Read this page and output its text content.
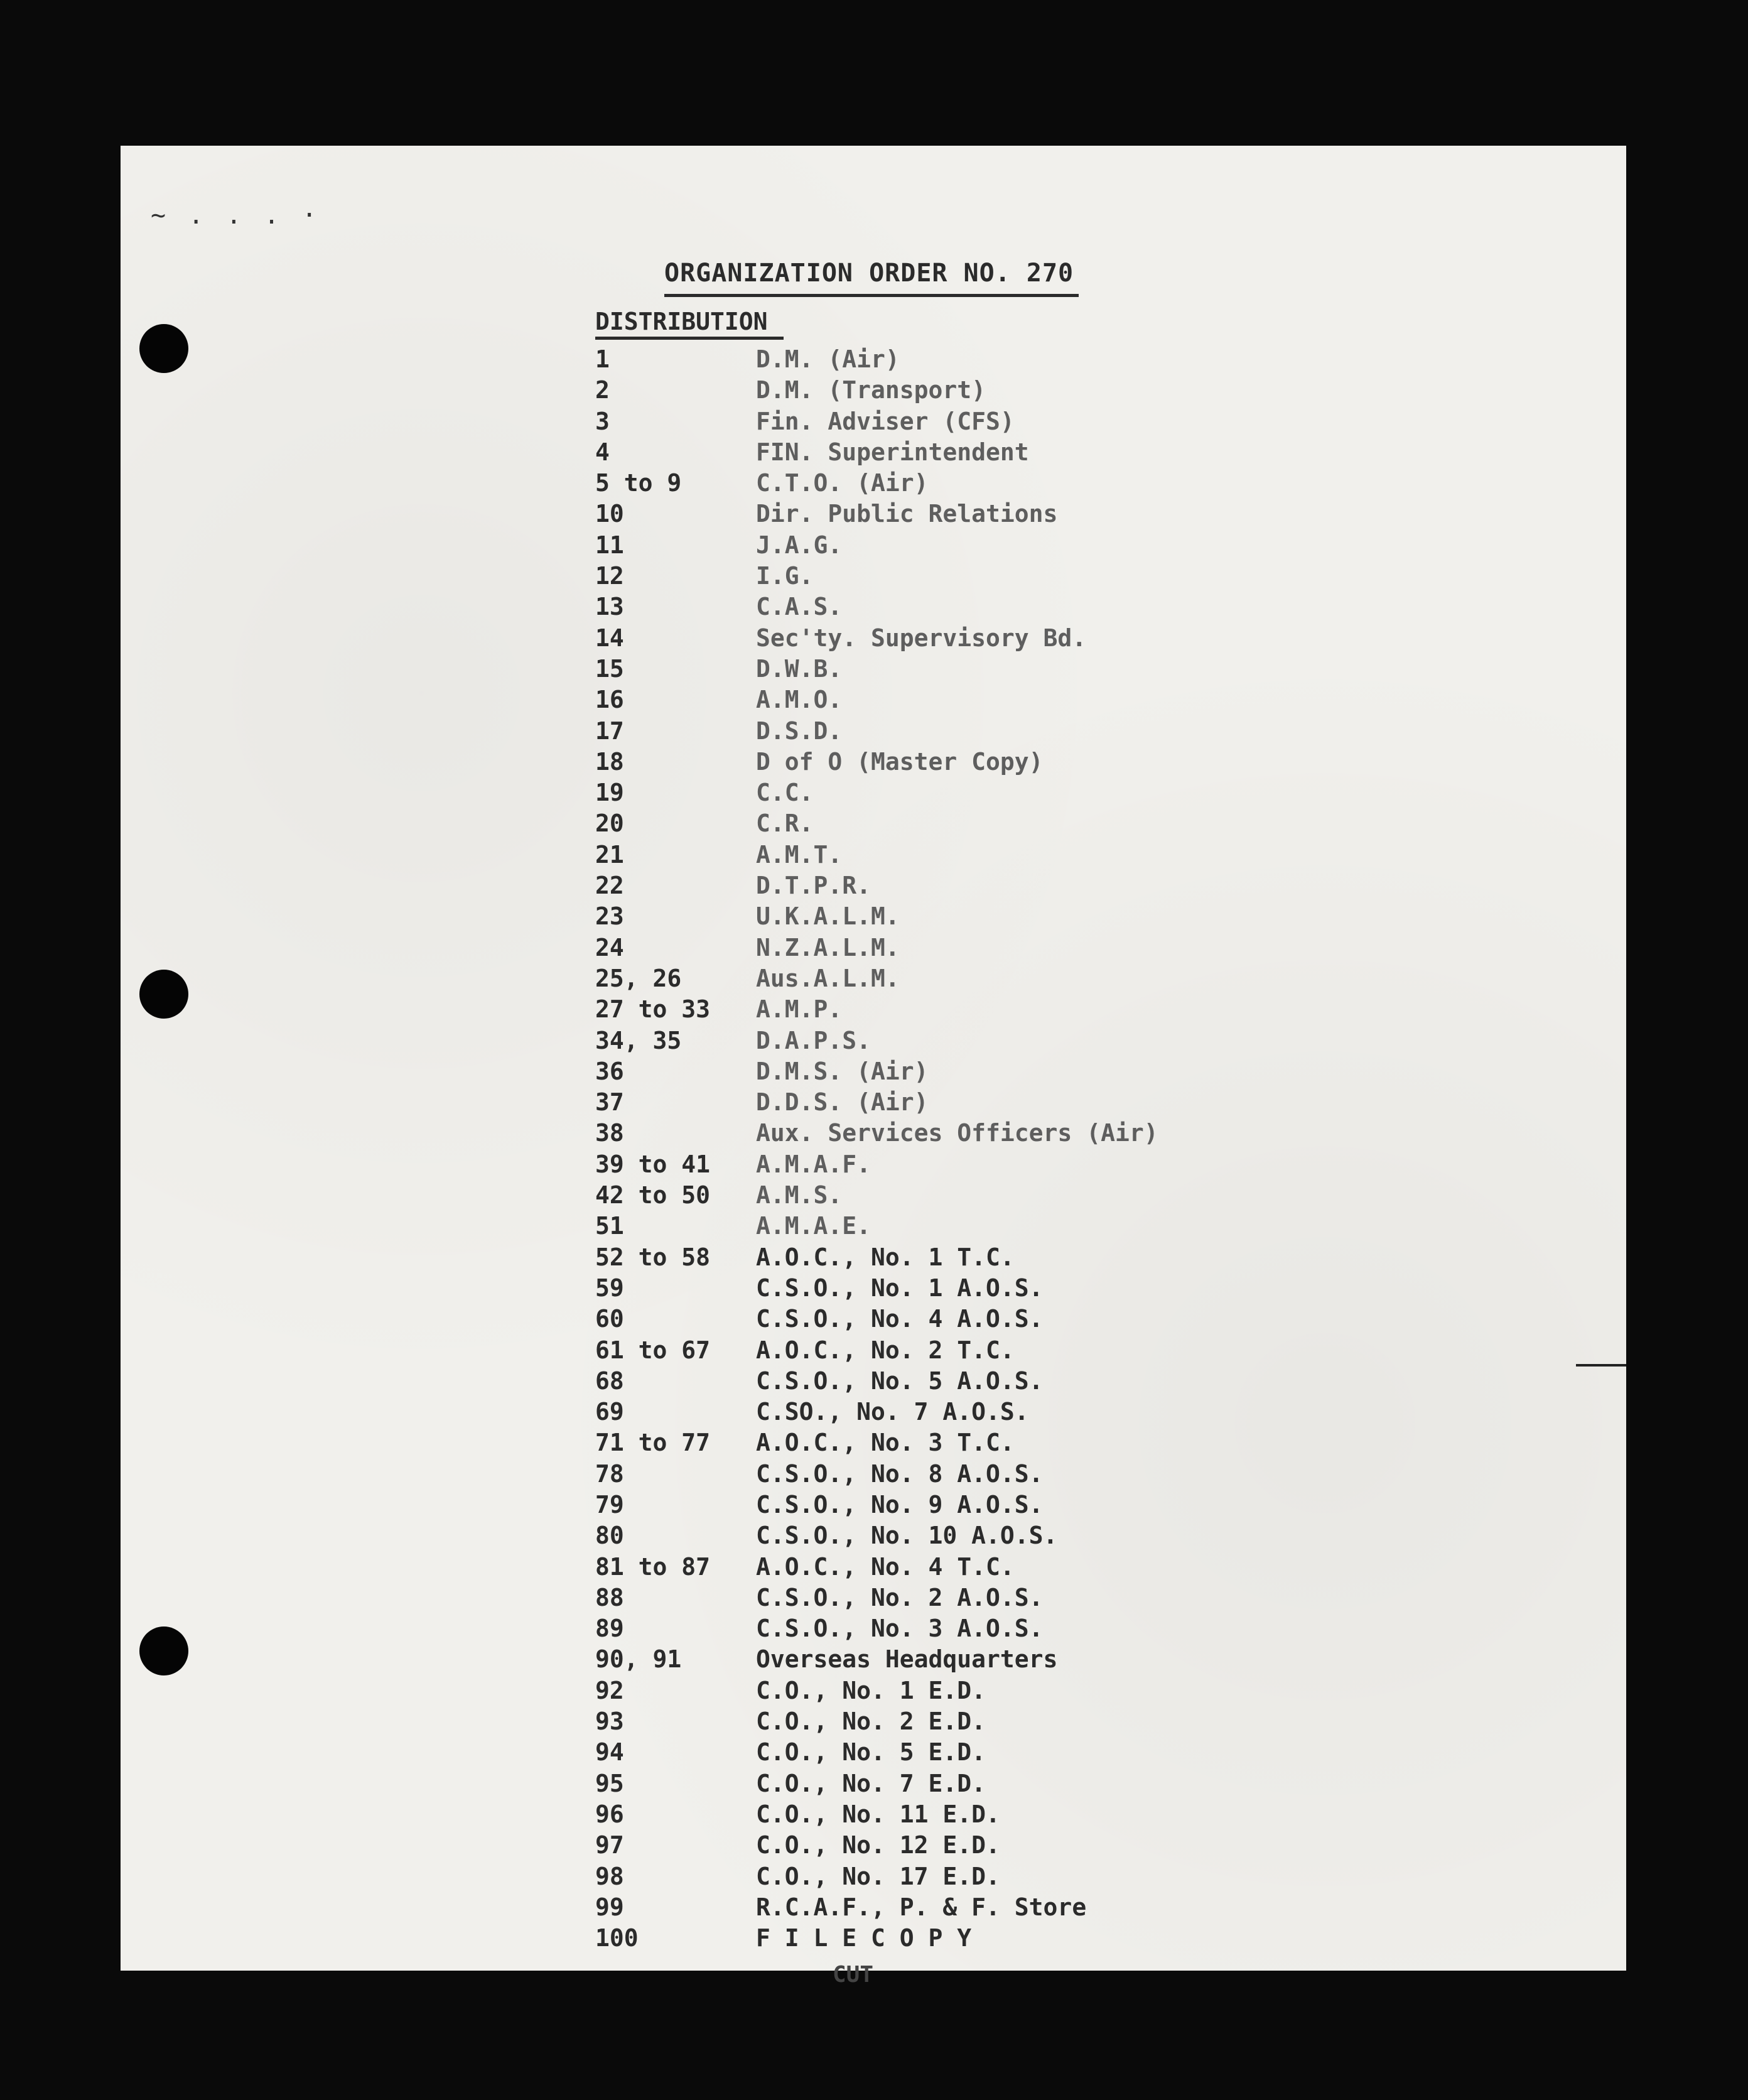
~ . . . ·
ORGANIZATION ORDER NO. 270
DISTRIBUTION
1	D.M. (Air)
2	D.M. (Transport)
3	Fin. Adviser (CFS)
4	FIN. Superintendent
5 to 9	C.T.O. (Air)
10	Dir. Public Relations
11	J.A.G.
12	I.G.
13	C.A.S.
14	Sec'ty. Supervisory Bd.
15	D.W.B.
16	A.M.O.
17	D.S.D.
18	D of O (Master Copy)
19	C.C.
20	C.R.
21	A.M.T.
22	D.T.P.R.
23	U.K.A.L.M.
24	N.Z.A.L.M.
25, 26	Aus.A.L.M.
27 to 33 A.M.P.
34, 35	D.A.P.S.
36	D.M.S. (Air)
37	D.D.S. (Air)
38	Aux. Services Officers (Air)
39 to 41 A.M.A.F.
42 to 50 A.M.S.
51	A.M.A.E.
52 to 58 A.O.C., No. 1 T.C.
59	C.S.O., No. 1 A.O.S.
60	C.S.O., No. 4 A.O.S.
61 to 67 A.O.C., No. 2 T.C.
68	C.S.O., No. 5 A.O.S.
69	C.SO., No. 7 A.O.S.
71 to 77 A.O.C., No. 3 T.C.
78	C.S.O., No. 8 A.O.S.
79	C.S.O., No. 9 A.O.S.
80	C.S.O., No. 10 A.O.S.
81 to 87 A.O.C., No. 4 T.C.
88	C.S.O., No. 2 A.O.S.
89	C.S.O., No. 3 A.O.S.
90, 91	Overseas Headquarters
92	C.O., No. 1 E.D.
93	C.O., No. 2 E.D.
94	C.O., No. 5 E.D.
95	C.O., No. 7 E.D.
96	C.O., No. 11 E.D.
97	C.O., No. 12 E.D.
98	C.O., No. 17 E.D.
99	R.C.A.F., P. & F. Store
100	F I L E C O P Y
CUT
